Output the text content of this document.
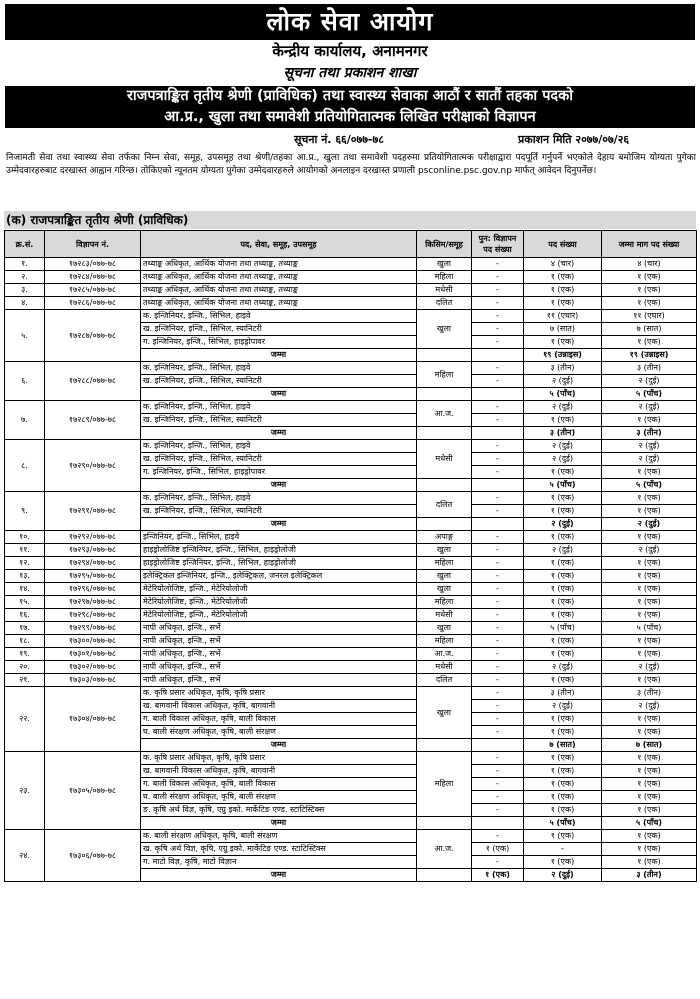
लोक सेवा आयोग
केन्द्रीय कार्यालय, अनामनगर
सूचना तथा प्रकाशन शाखा
राजपत्राङ्कित तृतीय श्रेणी (प्राविधिक) तथा स्वास्थ्य सेवाका आठौं र सातौं तहका पदको
आ.प्र., खुला तथा समावेशी प्रतियोगितात्मक लिखित परीक्षाको विज्ञापन
सूचना नं. ६६/०७७-७८	प्रकाशन मिति २०७७/०७/२६
निजामती सेवा तथा स्वास्थ्य सेवा तर्फका निम्न सेवा, समूह, उपसमूह तथा श्रेणी/तहका आ.प्र., खुला तथा समावेशी पदहरुमा प्रतियोगितात्मक परीक्षाद्वारा पदपूर्ति गर्नुपर्ने भएकोले देहाय बमोजिम योग्यता पुगेका उम्मेदवारहरुबाट दरखास्त आह्वान गरिन्छ। तोकिएको न्यूनतम योग्यता पुगेका उम्मेदवारहरुले आयोगको अनलाइन दरखास्त प्रणाली psconline.psc.gov.np मार्फत् आवेदन दिनुपर्नेछ।
(क) राजपत्राङ्कित तृतीय श्रेणी (प्राविधिक)
क्र.सं.	विज्ञापन नं.	पद, सेवा, समूह, उपसमूह	किसिम/समूह	पुन: विज्ञापन पद संख्या	पद संख्या	जम्मा माग पद संख्या
१.	१७२८३/०७७-७८	तथ्याङ्क अधिकृत, आर्थिक योजना तथा तथ्याङ्क, तथ्याङ्क	खुला	-	४ (चार)	४ (चार)
२.	१७२८४/०७७-७८	तथ्याङ्क अधिकृत, आर्थिक योजना तथा तथ्याङ्क, तथ्याङ्क	महिला	-	१ (एक)	१ (एक)
३.	१७२८५/०७७-७८	तथ्याङ्क अधिकृत, आर्थिक योजना तथा तथ्याङ्क, तथ्याङ्क	मधेसी	-	१ (एक)	१ (एक)
४.	१७२८६/०७७-७८	तथ्याङ्क अधिकृत, आर्थिक योजना तथा तथ्याङ्क, तथ्याङ्क	दलित	-	१ (एक)	१ (एक)
५.	१७२८७/०७७-७८	क. इन्जिनियर, इन्जि., सिभिल, हाइवे	खुला	-	११ (एघार)	११ (एघार)
		ख. इन्जिनियर, इन्जि., सिभिल, स्यानिटरी		-	७ (सात)	७ (सात)
		ग. इन्जिनियर, इन्जि., सिभिल, हाइड्रोपावर		-	१ (एक)	१ (एक)
		जम्मा			१९ (उन्नाइस)	१९ (उन्नाइस)
६.	१७२८८/०७७-७८	क. इन्जिनियर, इन्जि., सिभिल, हाइवे	महिला	-	३ (तीन)	३ (तीन)
		ख. इन्जिनियर, इन्जि., सिभिल, स्यानिटरी		-	२ (दुई)	२ (दुई)
		जम्मा			५ (पाँच)	५ (पाँच)
७.	१७२८९/०७७-७८	क. इन्जिनियर, इन्जि., सिभिल, हाइवे	आ.ज.	-	२ (दुई)	२ (दुई)
		ख. इन्जिनियर, इन्जि., सिभिल, स्यानिटरी		-	१ (एक)	१ (एक)
		जम्मा			३ (तीन)	३ (तीन)
८.	१७२९०/०७७-७८	क. इन्जिनियर, इन्जि., सिभिल, हाइवे	मधेसी	-	२ (दुई)	२ (दुई)
		ख. इन्जिनियर, इन्जि., सिभिल, स्यानिटरी		-	२ (दुई)	२ (दुई)
		ग. इन्जिनियर, इन्जि., सिभिल, हाइड्रोपावर		-	१ (एक)	१ (एक)
		जम्मा			५ (पाँच)	५ (पाँच)
९.	१७२९१/०७७-७८	क. इन्जिनियर, इन्जि., सिभिल, हाइवे	दलित	-	१ (एक)	१ (एक)
		ख. इन्जिनियर, इन्जि., सिभिल, स्यानिटरी		-	१ (एक)	१ (एक)
		जम्मा			२ (दुई)	२ (दुई)
१०.	१७२९२/०७७-७८	इन्जिनियर, इन्जि., सिभिल, हाइवे	अपाङ्ग	-	१ (एक)	१ (एक)
११.	१७२९३/०७७-७८	हाइड्रोलोजिष्ट इन्जिनियर, इन्जि., सिभिल, हाइड्रोलोजी	खुला	-	२ (दुई)	२ (दुई)
१२.	१७२९४/०७७-७८	हाइड्रोलोजिष्ट इन्जिनियर, इन्जि., सिभिल, हाइड्रोलोजी	महिला	-	१ (एक)	१ (एक)
१३.	१७२९५/०७७-७८	इलेक्ट्रिकल इन्जिनियर, इन्जि., इलेक्ट्रिकल, जनरल इलेक्ट्रिकल	खुला	-	१ (एक)	१ (एक)
१४.	१७२९६/०७७-७८	मेटेरियोलोजिष्ट, इन्जि., मेटेरियोलोजी	खुला	-	१ (एक)	१ (एक)
१५.	१७२९७/०७७-७८	मेटेरियोलोजिष्ट, इन्जि., मेटेरियोलोजी	महिला	-	१ (एक)	१ (एक)
१६.	१७२९८/०७७-७८	मेटेरियोलोजिष्ट, इन्जि., मेटेरियोलोजी	मधेसी	-	१ (एक)	१ (एक)
१७.	१७२९९/०७७-७८	नापी अधिकृत, इन्जि., सर्भे	खुला	-	५ (पाँच)	५ (पाँच)
१८.	१७३००/०७७-७८	नापी अधिकृत, इन्जि., सर्भे	महिला	-	१ (एक)	१ (एक)
१९.	१७३०१/०७७-७८	नापी अधिकृत, इन्जि., सर्भे	आ.ज.	-	१ (एक)	१ (एक)
२०.	१७३०२/०७७-७८	नापी अधिकृत, इन्जि., सर्भे	मधेसी	-	२ (दुई)	२ (दुई)
२१.	१७३०३/०७७-७८	नापी अधिकृत, इन्जि., सर्भे	दलित	-	१ (एक)	१ (एक)
२२.	१७३०४/०७७-७८	क. कृषि प्रसार अधिकृत, कृषि, कृषि प्रसार	खुला	-	३ (तीन)	३ (तीन)
		ख. बागवानी विकास अधिकृत, कृषि, बागवानी		-	२ (दुई)	२ (दुई)
		ग. बाली विकास अधिकृत, कृषि, बाली विकास		-	१ (एक)	१ (एक)
		घ. बाली संरक्षण अधिकृत, कृषि, बाली संरक्षण		-	१ (एक)	१ (एक)
		जम्मा			७ (सात)	७ (सात)
२३.	१७३०५/०७७-७८	क. कृषि प्रसार अधिकृत, कृषि, कृषि प्रसार	महिला	-	१ (एक)	१ (एक)
		ख. बागवानी विकास अधिकृत, कृषि, बागवानी		-	१ (एक)	१ (एक)
		ग. बाली विकास अधिकृत, कृषि, बाली विकास		-	१ (एक)	१ (एक)
		घ. बाली संरक्षण अधिकृत, कृषि, बाली संरक्षण		-	१ (एक)	१ (एक)
		ङ. कृषि अर्थ विज्ञ, कृषि, एग्रु इको. मार्केटिङ एण्ड. स्टाटिस्टिक्स		-	१ (एक)	१ (एक)
		जम्मा			५ (पाँच)	५ (पाँच)
२४.	१७३०६/०७७-७८	क. बाली संरक्षण अधिकृत, कृषि, बाली संरक्षण	आ.ज.	-	१ (एक)	१ (एक)
		ख. कृषि अर्थ विज्ञ, कृषि, एग्रु इको. मार्केटिङ एण्ड. स्टाटिस्टिक्स		१ (एक)	-	१ (एक)
		ग. माटो विज्ञ, कृषि, माटो विज्ञान		-	१ (एक)	१ (एक)
		जम्मा		१ (एक)	२ (दुई)	३ (तीन)
